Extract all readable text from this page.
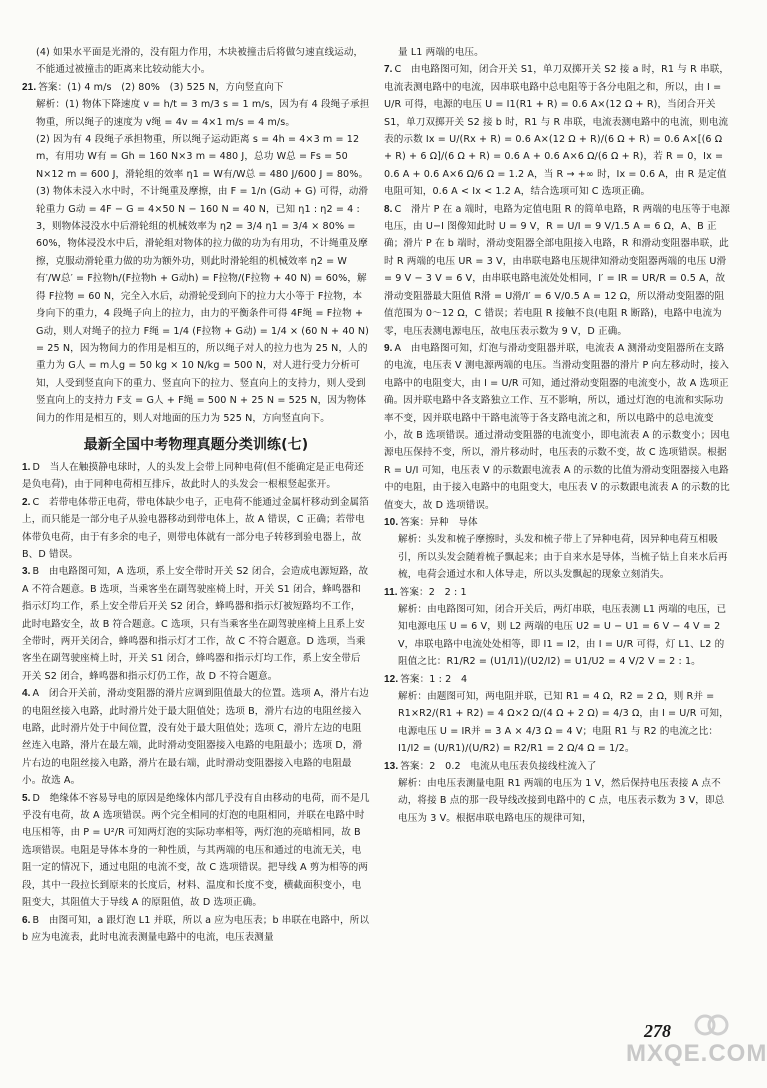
(4) 如果水平面是光滑的，没有阻力作用，木块被撞击后将做匀速直线运动，不能通过被撞击的距离来比较动能大小。
21. 答案：(1) 4 m/s　(2) 80%　(3) 525 N，方向竖直向下
解析：(1) 物体下降速度 v = h/t = 3 m/3 s = 1 m/s，因为有 4 段绳子承担物重，所以绳子的速度为 v绳 = 4v = 4×1 m/s = 4 m/s。
(2) 因为有 4 段绳子承担物重，所以绳子运动距离 s = 4h = 4×3 m = 12 m，有用功 W有 = Gh = 160 N×3 m = 480 J，总功 W总 = Fs = 50 N×12 m = 600 J，滑轮组的效率 η1 = W有/W总 = 480 J/600 J = 80%。
(3) 物体未浸入水中时，不计绳重及摩擦，由 F = 1/n (G动 + G) 可得，动滑轮重力 G动 = 4F − G = 4×50 N − 160 N = 40 N，已知 η1 : η2 = 4 : 3，则物体浸没水中后滑轮组的机械效率为 η2 = 3/4 η1 = 3/4 × 80% = 60%，物体浸没水中后，滑轮组对物体的拉力做的功为有用功，不计绳重及摩擦，克服动滑轮重力做的功为额外功，则此时滑轮组的机械效率 η2 = W有′/W总′ = F拉物h/(F拉物h + G动h) = F拉物/(F拉物 + 40 N) = 60%，解得 F拉物 = 60 N，完全入水后，动滑轮受到向下的拉力大小等于 F拉物，本身向下的重力，4 段绳子向上的拉力，由力的平衡条件可得 4F绳 = F拉物 + G动，则人对绳子的拉力 F绳 = 1/4 (F拉物 + G动) = 1/4 × (60 N + 40 N) = 25 N，因为物间力的作用是相互的，所以绳子对人的拉力也为 25 N，人的重力为 G人 = m人g = 50 kg × 10 N/kg = 500 N，对人进行受力分析可知，人受到竖直向下的重力、竖直向下的拉力、竖直向上的支持力，则人受到竖直向上的支持力 F支 = G人 + F绳 = 500 N + 25 N = 525 N，因为物体间力的作用是相互的，则人对地面的压力为 525 N，方向竖直向下。
最新全国中考物理真题分类训练(七)
1. D　当人在触摸静电球时，人的头发上会带上同种电荷(但不能确定是正电荷还是负电荷)，由于同种电荷相互排斥，故此时人的头发会一根根竖起张开。
2. C　若带电体带正电荷，带电体缺少电子，正电荷不能通过金属杆移动到金属箔上，而只能是一部分电子从验电器移动到带电体上，故 A 错误，C 正确；若带电体带负电荷，由于有多余的电子，则带电体就有一部分电子转移到验电器上，故 B、D 错误。
3. B　由电路图可知，A 选项，系上安全带时开关 S2 闭合，会造成电源短路，故 A 不符合题意。B 选项，当乘客坐在副驾驶座椅上时，开关 S1 闭合，蜂鸣器和指示灯均工作，系上安全带后开关 S2 闭合，蜂鸣器和指示灯被短路均不工作，此时电路安全，故 B 符合题意。C 选项，只有当乘客坐在副驾驶座椅上且系上安全带时，两开关闭合，蜂鸣器和指示灯才工作，故 C 不符合题意。D 选项，当乘客坐在副驾驶座椅上时，开关 S1 闭合，蜂鸣器和指示灯均工作，系上安全带后开关 S2 闭合，蜂鸣器和指示灯仍工作，故 D 不符合题意。
4. A　闭合开关前，滑动变阻器的滑片应调到阻值最大的位置。选项 A，滑片右边的电阻丝接入电路，此时滑片处于最大阻值处；选项 B，滑片右边的电阻丝接入电路，此时滑片处于中间位置，没有处于最大阻值处；选项 C，滑片左边的电阻丝连入电路，滑片在最左端，此时滑动变阻器接入电路的电阻最小；选项 D，滑片右边的电阻丝接入电路，滑片在最右端，此时滑动变阻器接入电路的电阻最小。故选 A。
5. D　绝缘体不容易导电的原因是绝缘体内部几乎没有自由移动的电荷，而不是几乎没有电荷，故 A 选项错误。两个完全相同的灯泡的电阻相同，并联在电路中时电压相等，由 P = U²/R 可知两灯泡的实际功率相等，两灯泡的亮暗相同，故 B 选项错误。电阻是导体本身的一种性质，与其两端的电压和通过的电流无关，电阻一定的情况下，通过电阻的电流不变，故 C 选项错误。把导线 A 剪为相等的两段，其中一段拉长到原来的长度后，材料、温度和长度不变，横截面积变小，电阻变大，其阻值大于导线 A 的原阻值，故 D 选项正确。
6. B　由图可知，a 跟灯泡 L1 并联，所以 a 应为电压表；b 串联在电路中，所以 b 应为电流表，此时电流表测量电路中的电流，电压表测量
量 L1 两端的电压。
7. C　由电路图可知，闭合开关 S1，单刀双掷开关 S2 接 a 时，R1 与 R 串联，电流表测电路中的电流，因串联电路中总电阻等于各分电阻之和，所以，由 I = U/R 可得，电源的电压 U = I1(R1 + R) = 0.6 A×(12 Ω + R)，当闭合开关 S1，单刀双掷开关 S2 接 b 时，R1 与 R 串联，电流表测电路中的电流，则电流表的示数 Ix = U/(Rx + R) = 0.6 A×(12 Ω + R)/(6 Ω + R) = 0.6 A×[(6 Ω + R) + 6 Ω]/(6 Ω + R) = 0.6 A + 0.6 A×6 Ω/(6 Ω + R)，若 R = 0，Ix = 0.6 A + 0.6 A×6 Ω/6 Ω = 1.2 A，当 R → +∞ 时，Ix = 0.6 A，由 R 是定值电阻可知，0.6 A < Ix < 1.2 A，结合选项可知 C 选项正确。
8. C　滑片 P 在 a 端时，电路为定值电阻 R 的简单电路，R 两端的电压等于电源电压，由 U−I 图像知此时 U = 9 V，R = U/I = 9 V/1.5 A = 6 Ω，A、B 正确；滑片 P 在 b 端时，滑动变阻器全部电阻接入电路，R 和滑动变阻器串联，此时 R 两端的电压 UR = 3 V，由串联电路电压规律知滑动变阻器两端的电压 U滑 = 9 V − 3 V = 6 V，由串联电路电流处处相同，I′ = IR = UR/R = 0.5 A，故滑动变阻器最大阻值 R滑 = U滑/I′ = 6 V/0.5 A = 12 Ω，所以滑动变阻器的阻值范围为 0～12 Ω，C 错误；若电阻 R 接触不良(电阻 R 断路)，电路中电流为零，电压表测电源电压，故电压表示数为 9 V，D 正确。
9. A　由电路图可知，灯泡与滑动变阻器并联，电流表 A 测滑动变阻器所在支路的电流，电压表 V 测电源两端的电压。当滑动变阻器的滑片 P 向左移动时，接入电路中的电阻变大，由 I = U/R 可知，通过滑动变阻器的电流变小，故 A 选项正确。因并联电路中各支路独立工作、互不影响，所以，通过灯泡的电流和实际功率不变，因并联电路中干路电流等于各支路电流之和，所以电路中的总电流变小，故 B 选项错误。通过滑动变阻器的电流变小，即电流表 A 的示数变小；因电源电压保持不变，所以，滑片移动时，电压表的示数不变，故 C 选项错误。根据 R = U/I 可知，电压表 V 的示数跟电流表 A 的示数的比值为滑动变阻器接入电路中的电阻，由于接入电路中的电阻变大，电压表 V 的示数跟电流表 A 的示数的比值变大，故 D 选项错误。
10. 答案：异种　导体
解析：头发和梳子摩擦时，头发和梳子带上了异种电荷，因异种电荷互相吸引，所以头发会随着梳子飘起来；由于自来水是导体，当梳子钻上自来水后再梳，电荷会通过水和人体导走，所以头发飘起的现象立刻消失。
11. 答案：2　2 : 1
解析：由电路图可知，闭合开关后，两灯串联，电压表测 L1 两端的电压，已知电源电压 U = 6 V，则 L2 两端的电压 U2 = U − U1 = 6 V − 4 V = 2 V，串联电路中电流处处相等，即 I1 = I2，由 I = U/R 可得，灯 L1、L2 的阻值之比：R1/R2 = (U1/I1)/(U2/I2) = U1/U2 = 4 V/2 V = 2 : 1。
12. 答案：1 : 2　4
解析：由题图可知，两电阻并联，已知 R1 = 4 Ω，R2 = 2 Ω，则 R并 = R1×R2/(R1 + R2) = 4 Ω×2 Ω/(4 Ω + 2 Ω) = 4/3 Ω，由 I = U/R 可知，电源电压 U = IR并 = 3 A × 4/3 Ω = 4 V；电阻 R1 与 R2 的电流之比：I1/I2 = (U/R1)/(U/R2) = R2/R1 = 2 Ω/4 Ω = 1/2。
13. 答案：2　0.2　电流从电压表负接线柱流入了
解析：由电压表测量电阻 R1 两端的电压为 1 V，然后保持电压表接 A 点不动，将接 B 点的那一段导线改接到电路中的 C 点，电压表示数为 3 V，即总电压为 3 V。根据串联电路电压的规律可知，
278
MXQE.COM
